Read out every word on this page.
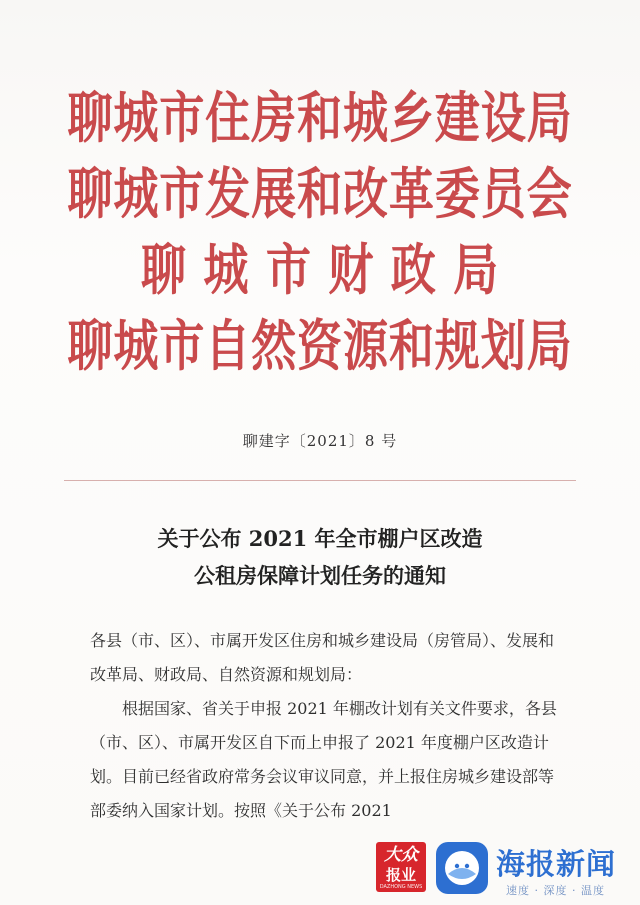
聊城市住房和城乡建设局
聊城市发展和改革委员会
聊 城 市 财 政 局
聊城市自然资源和规划局
聊建字〔2021〕8 号
关于公布 2021 年全市棚户区改造
公租房保障计划任务的通知

各县（市、区）、市属开发区住房和城乡建设局（房管局）、发展和改革局、财政局、自然资源和规划局：

根据国家、省关于申报 2021 年棚改计划有关文件要求，各县（市、区）、市属开发区自下而上申报了 2021 年度棚户区改造计划。目前已经省政府常务会议审议同意，并上报住房城乡建设部等部委纳入国家计划。按照《关于公布 2021

大众
报业
DAZHONG NEWS
海报新闻
速度 · 深度 · 温度
